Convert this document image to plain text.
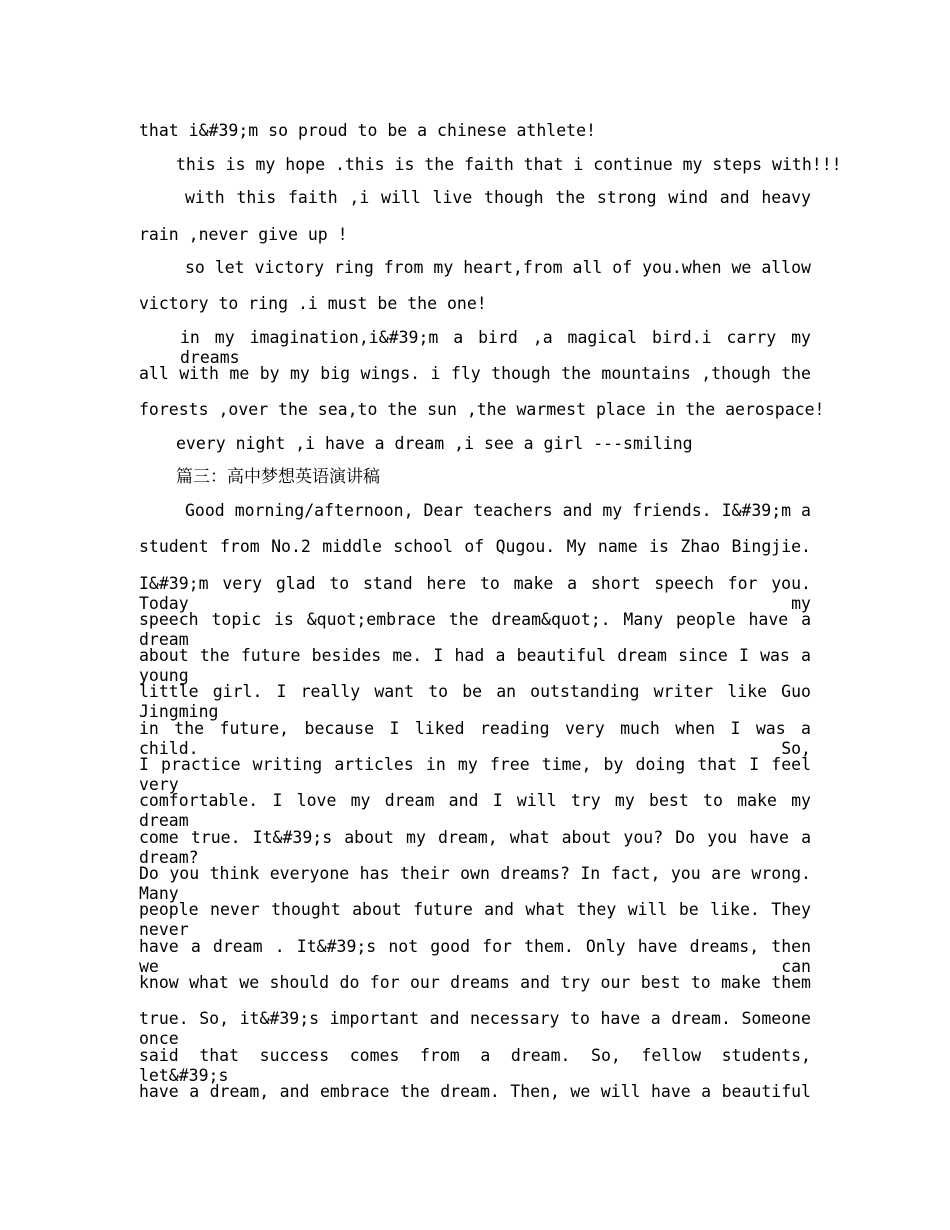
that i&#39;m so proud to be a chinese athlete!
this is my hope .this is the faith that i continue my steps with!!!
with this faith ,i will live though the strong wind and heavy
rain ,never give up !
so let victory ring from my heart,from all of you.when we allow
victory to ring .i must be the one!
in my imagination,i&#39;m a bird ,a magical bird.i carry my dreams
all with me by my big wings. i fly though the mountains ,though the
forests ,over the sea,to the sun ,the warmest place in the aerospace!
every night ,i have a dream ,i see a girl ---smiling
篇三：高中梦想英语演讲稿
Good morning/afternoon, Dear teachers and my friends. I&#39;m a
student from No.2 middle school of Qugou. My name is Zhao Bingjie.
I&#39;m very glad to stand here to make a short speech for you. Today my
speech topic is &quot;embrace the dream&quot;. Many people have a dream
about the future besides me. I had a beautiful dream since I was a young
little girl. I really want to be an outstanding writer like Guo Jingming
in the future, because I liked reading very much when I was a child. So,
I practice writing articles in my free time, by doing that I feel very
comfortable. I love my dream and I will try my best to make my dream
come true. It&#39;s about my dream, what about you? Do you have a dream?
Do you think everyone has their own dreams? In fact, you are wrong. Many
people never thought about future and what they will be like. They never
have a dream . It&#39;s not good for them. Only have dreams, then we can
know what we should do for our dreams and try our best to make them
true. So, it&#39;s important and necessary to have a dream. Someone once
said that success comes from a dream. So, fellow students, let&#39;s
have a dream, and embrace the dream. Then, we will have a beautiful
